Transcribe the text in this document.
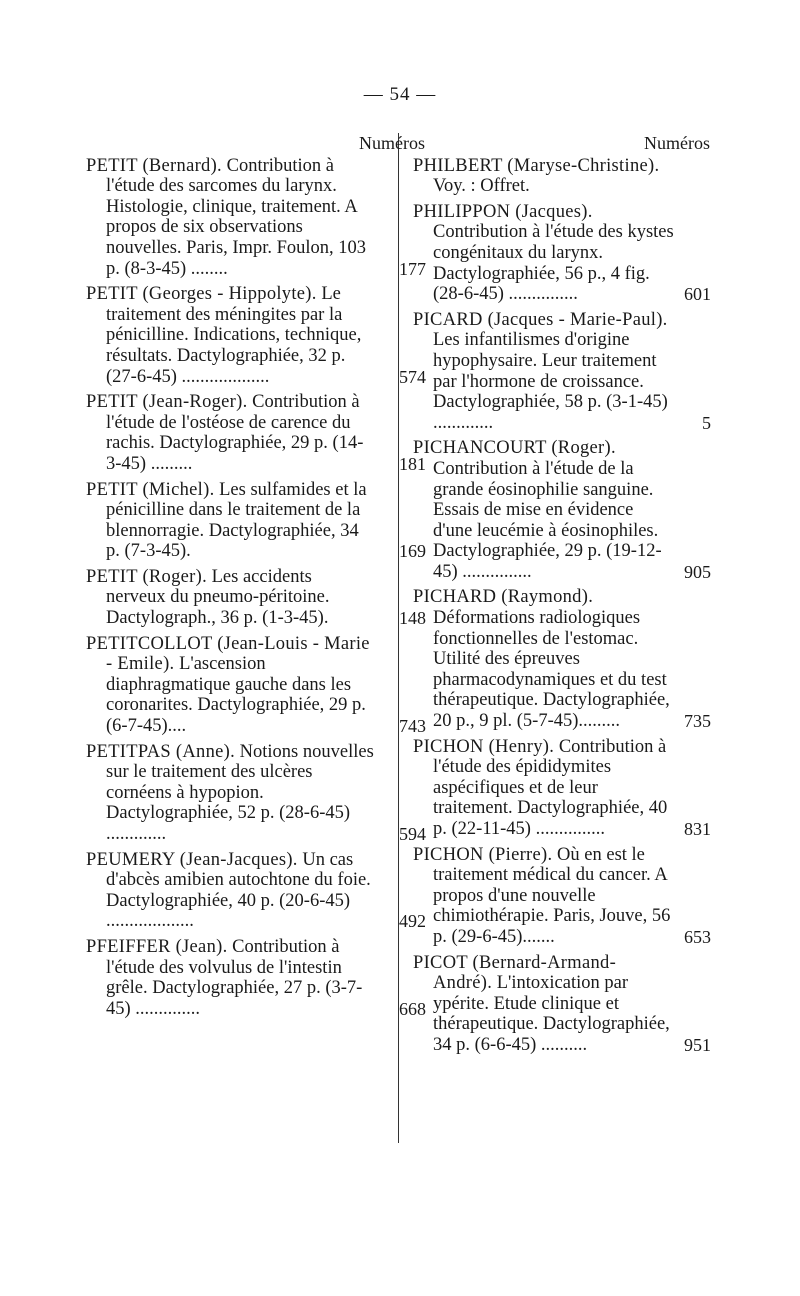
— 54 —
Numéros
PETIT (Bernard). Contribution à l'étude des sarcomes du larynx. Histologie, clinique, traitement. A propos de six observations nouvelles. Paris, Impr. Foulon, 103 p. (8-3-45) ........	177
PETIT (Georges - Hippolyte). Le traitement des méningites par la pénicilline. Indications, technique, résultats. Dactylographiée, 32 p. (27-6-45) ...................	574
PETIT (Jean-Roger). Contribution à l'étude de l'ostéose de carence du rachis. Dactylographiée, 29 p. (14-3-45) .........	181
PETIT (Michel). Les sulfamides et la pénicilline dans le traitement de la blennorragie. Dactylographiée, 34 p. (7-3-45).	169
PETIT (Roger). Les accidents nerveux du pneumo-péritoine. Dactylograph., 36 p. (1-3-45).	148
PETITCOLLOT (Jean-Louis - Marie - Emile). L'ascension diaphragmatique gauche dans les coronarites. Dactylographiée, 29 p. (6-7-45)....	743
PETITPAS (Anne). Notions nouvelles sur le traitement des ulcères cornéens à hypopion. Dactylographiée, 52 p. (28-6-45) .............	594
PEUMERY (Jean-Jacques). Un cas d'abcès amibien autochtone du foie. Dactylographiée, 40 p. (20-6-45) ...................	492
PFEIFFER (Jean). Contribution à l'étude des volvulus de l'intestin grêle. Dactylographiée, 27 p. (3-7-45) ..............	668
Numéros
PHILBERT (Maryse-Christine). Voy. : Offret.
PHILIPPON (Jacques). Contribution à l'étude des kystes congénitaux du larynx. Dactylographiée, 56 p., 4 fig. (28-6-45) ...............	601
PICARD (Jacques - Marie-Paul). Les infantilismes d'origine hypophysaire. Leur traitement par l'hormone de croissance. Dactylographiée, 58 p. (3-1-45) .............	5
PICHANCOURT (Roger). Contribution à l'étude de la grande éosinophilie sanguine. Essais de mise en évidence d'une leucémie à éosinophiles. Dactylographiée, 29 p. (19-12-45) ...............	905
PICHARD (Raymond). Déformations radiologiques fonctionnelles de l'estomac. Utilité des épreuves pharmacodynamiques et du test thérapeutique. Dactylographiée, 20 p., 9 pl. (5-7-45).........	735
PICHON (Henry). Contribution à l'étude des épididymites aspécifiques et de leur traitement. Dactylographiée, 40 p. (22-11-45) ...............	831
PICHON (Pierre). Où en est le traitement médical du cancer. A propos d'une nouvelle chimiothérapie. Paris, Jouve, 56 p. (29-6-45).......	653
PICOT (Bernard-Armand-André). L'intoxication par ypérite. Etude clinique et thérapeutique. Dactylographiée, 34 p. (6-6-45) ..........	951
